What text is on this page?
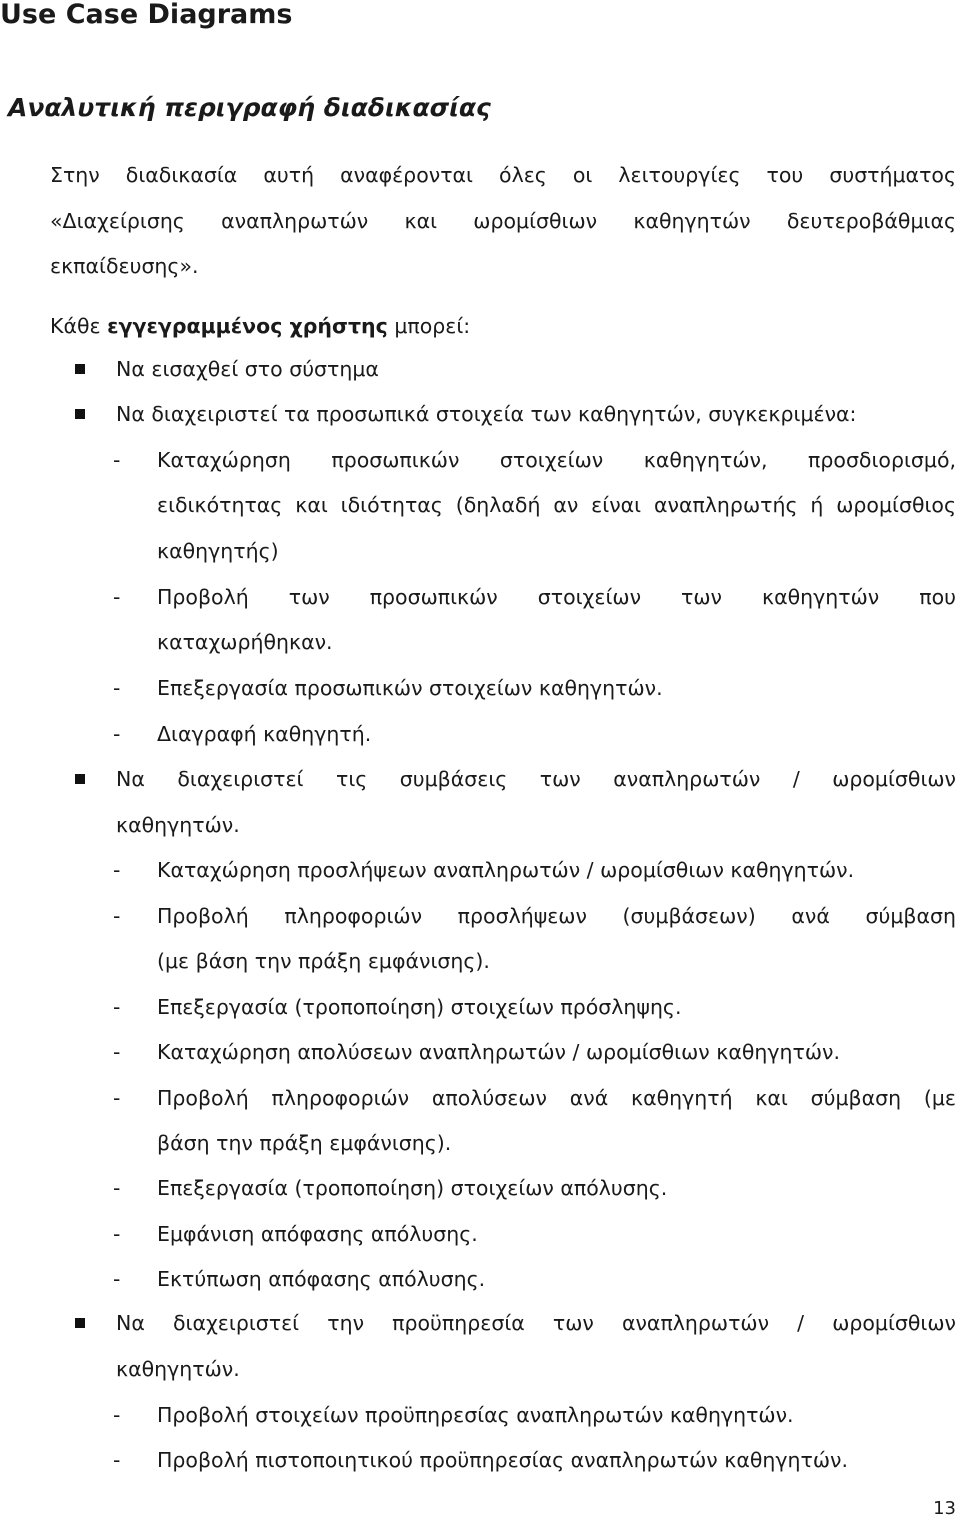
Use Case Diagrams
Αναλυτική περιγραφή διαδικασίας
Στην διαδικασία αυτή αναφέρονται όλες οι λειτουργίες του συστήματος
«Διαχείρισης αναπληρωτών και ωρομίσθιων καθηγητών δευτεροβάθμιας
εκπαίδευσης».
Κάθε εγγεγραμμένος χρήστης μπορεί:
Να εισαχθεί στο σύστημα
Να διαχειριστεί τα προσωπικά στοιχεία των καθηγητών, συγκεκριμένα:
- Καταχώρηση προσωπικών στοιχείων καθηγητών, προσδιορισμό,
ειδικότητας και ιδιότητας (δηλαδή αν είναι αναπληρωτής ή ωρομίσθιος
καθηγητής)
- Προβολή των προσωπικών στοιχείων των καθηγητών που
καταχωρήθηκαν.
- Επεξεργασία προσωπικών στοιχείων καθηγητών.
- Διαγραφή καθηγητή.
Να διαχειριστεί τις συμβάσεις των αναπληρωτών / ωρομίσθιων
καθηγητών.
- Καταχώρηση προσλήψεων αναπληρωτών / ωρομίσθιων καθηγητών.
- Προβολή πληροφοριών προσλήψεων (συμβάσεων) ανά σύμβαση
(με βάση την πράξη εμφάνισης).
- Επεξεργασία (τροποποίηση) στοιχείων πρόσληψης.
- Καταχώρηση απολύσεων αναπληρωτών / ωρομίσθιων καθηγητών.
- Προβολή πληροφοριών απολύσεων ανά καθηγητή και σύμβαση (με
βάση την πράξη εμφάνισης).
- Επεξεργασία (τροποποίηση) στοιχείων απόλυσης.
- Εμφάνιση απόφασης απόλυσης.
- Εκτύπωση απόφασης απόλυσης.
Να διαχειριστεί την προϋπηρεσία των αναπληρωτών / ωρομίσθιων
καθηγητών.
- Προβολή στοιχείων προϋπηρεσίας αναπληρωτών καθηγητών.
- Προβολή πιστοποιητικού προϋπηρεσίας αναπληρωτών καθηγητών.
13
